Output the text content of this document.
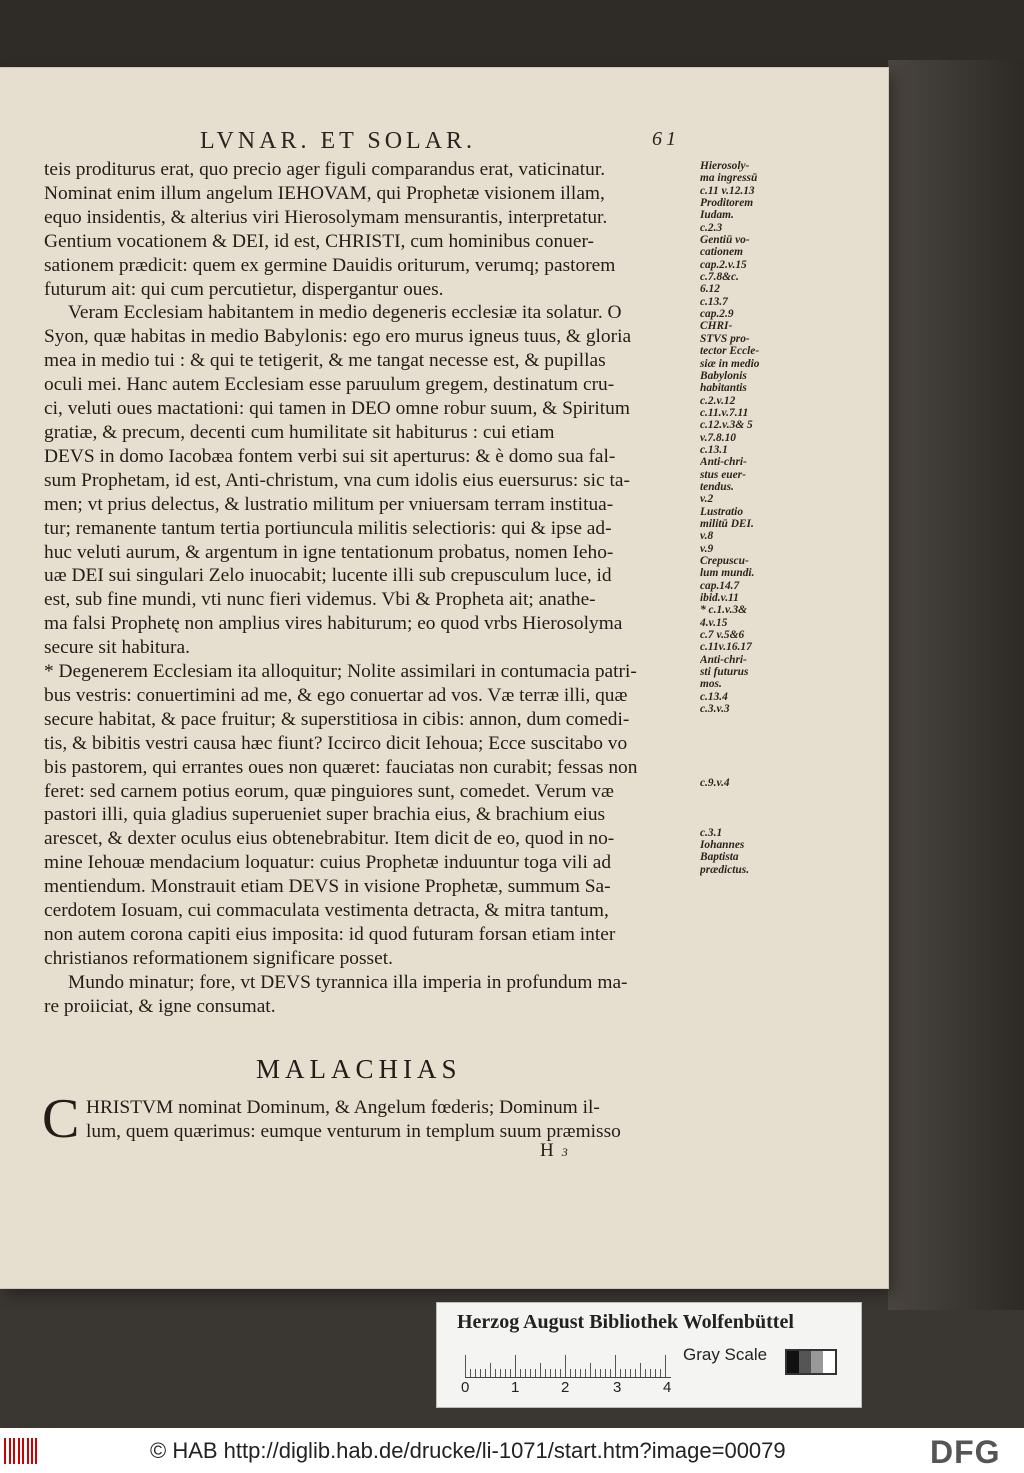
LVNAR. ET SOLAR.	61
teis proditurus erat, quo precio ager figuli comparandus erat, vaticinatur.
Nominat enim illum angelum IEHOVAM, qui Prophetæ visionem illam,
equo insidentis, & alterius viri Hierosolymam mensurantis, interpretatur.
Gentium vocationem & DEI, id est, CHRISTI, cum hominibus conuer-
sationem prædicit: quem ex germine Dauidis oriturum, verumq; pastorem
futurum ait: qui cum percutietur, dispergantur oues.
Veram Ecclesiam habitantem in medio degeneris ecclesiæ ita solatur. O
Syon, quæ habitas in medio Babylonis: ego ero murus igneus tuus, & gloria
mea in medio tui : & qui te tetigerit, & me tangat necesse est, & pupillas
oculi mei. Hanc autem Ecclesiam esse paruulum gregem, destinatum cru-
ci, veluti oues mactationi: qui tamen in DEO omne robur suum, & Spiritum
gratiæ, & precum, decenti cum humilitate sit habiturus : cui etiam
DEVS in domo Iacobæa fontem verbi sui sit aperturus: & è domo sua fal-
sum Prophetam, id est, Anti-christum, vna cum idolis eius euersurus: sic ta-
men; vt prius delectus, & lustratio militum per vniuersam terram instituа-
tur; remanente tantum tertia portiuncula militis selectioris: qui & ipse ad-
huc veluti aurum, & argentum in igne tentationum probatus, nomen Ieho-
uæ DEI sui singulari Zelo inuocabit; lucente illi sub crepusculum luce, id
est, sub fine mundi, vti nunc fieri videmus. Vbi & Propheta ait; anathe-
ma falsi Prophetę non amplius vires habiturum; eo quod vrbs Hierosolyma
secure sit habitura.
* Degenerem Ecclesiam ita alloquitur; Nolite assimilari in contumacia patri-
bus vestris: conuertimini ad me, & ego conuertar ad vos. Væ terræ illi, quæ
secure habitat, & pace fruitur; & superstitiosa in cibis: annon, dum comedi-
tis, & bibitis vestri causa hæc fiunt? Iccirco dicit Iehoua; Ecce suscitabo vo
bis pastorem, qui errantes oues non quæret: fauciatas non curabit; fessas non
feret: sed carnem potius eorum, quæ pinguiores sunt, comedet. Verum væ
pastori illi, quia gladius superueniet super brachia eius, & brachium eius
arescet, & dexter oculus eius obtenebrabitur. Item dicit de eo, quod in no-
mine Iehouæ mendacium loquatur: cuius Prophetæ induuntur toga vili ad
mentiendum. Monstrauit etiam DEVS in visione Prophetæ, summum Sa-
cerdotem Iosuam, cui commaculata vestimenta detracta, & mitra tantum,
non autem corona capiti eius imposita: id quod futuram forsan etiam inter
christianos reformationem significare posset.
Mundo minatur; fore, vt DEVS tyrannica illa imperia in profundum ma-
re proiiciat, & igne consumat.
Hierosoly-
ma ingressū
c.11 v.12.13
Proditorem
Iudam.
c.2.3
Gentiū vo-
cationem
cap.2.v.15
c.7.8&c.
6.12
c.13.7
cap.2.9
CHRI-
STVS pro-
tector Eccle-
siæ in medio
Babylonis
habitantis
c.2.v.12
c.11.v.7.11
c.12.v.3& 5
v.7.8.10
c.13.1
Anti-chri-
stus euer-
tendus.
v.2
Lustratio
militū DEI.
v.8
v.9
Crepuscu-
lum mundi.
cap.14.7
ibid.v.11
* c.1.v.3&
4.v.15
c.7 v.5&6
c.11v.16.17
Anti-chri-
sti futurus
mos.
c.13.4
c.3.v.3

c.9.v.4

c.3.1
Iohannes
Baptista
prædictus.
MALACHIAS
C HRISTVM nominat Dominum, & Angelum fœderis; Dominum il-
lum, quem quærimus: eumque venturum in templum suum præmisso
H 3
Herzog August Bibliothek Wolfenbüttel
0	1	2	3	4
Gray Scale
© HAB http://diglib.hab.de/drucke/li-1071/start.htm?image=00079	DFG
